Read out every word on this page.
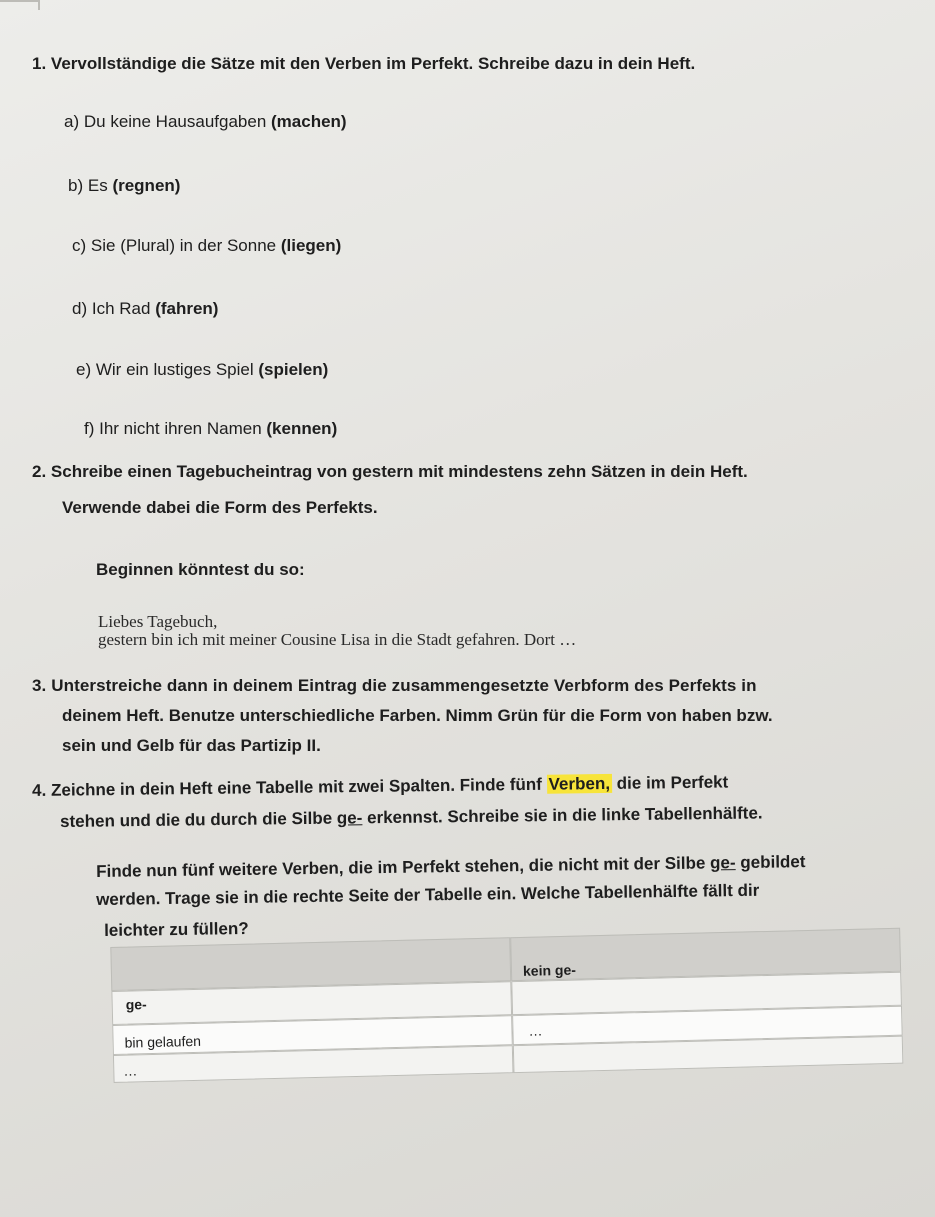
1. Vervollständige die Sätze mit den Verben im Perfekt. Schreibe dazu in dein Heft.
a) Du keine Hausaufgaben (machen)
b) Es (regnen)
c) Sie (Plural) in der Sonne (liegen)
d) Ich Rad (fahren)
e) Wir ein lustiges Spiel (spielen)
f) Ihr nicht ihren Namen (kennen)
2. Schreibe einen Tagebucheintrag von gestern mit mindestens zehn Sätzen in dein Heft.
Verwende dabei die Form des Perfekts.
Beginnen könntest du so:
Liebes Tagebuch,
gestern bin ich mit meiner Cousine Lisa in die Stadt gefahren. Dort …
3. Unterstreiche dann in deinem Eintrag die zusammengesetzte Verbform des Perfekts in
deinem Heft. Benutze unterschiedliche Farben. Nimm Grün für die Form von haben bzw.
sein und Gelb für das Partizip II.
4. Zeichne in dein Heft eine Tabelle mit zwei Spalten. Finde fünf Verben, die im Perfekt
stehen und die du durch die Silbe ge- erkennst. Schreibe sie in die linke Tabellenhälfte.
Finde nun fünf weitere Verben, die im Perfekt stehen, die nicht mit der Silbe ge- gebildet
werden. Trage sie in die rechte Seite der Tabelle ein. Welche Tabellenhälfte fällt dir
leichter zu füllen?
ge-
kein ge-
bin gelaufen
…
…
